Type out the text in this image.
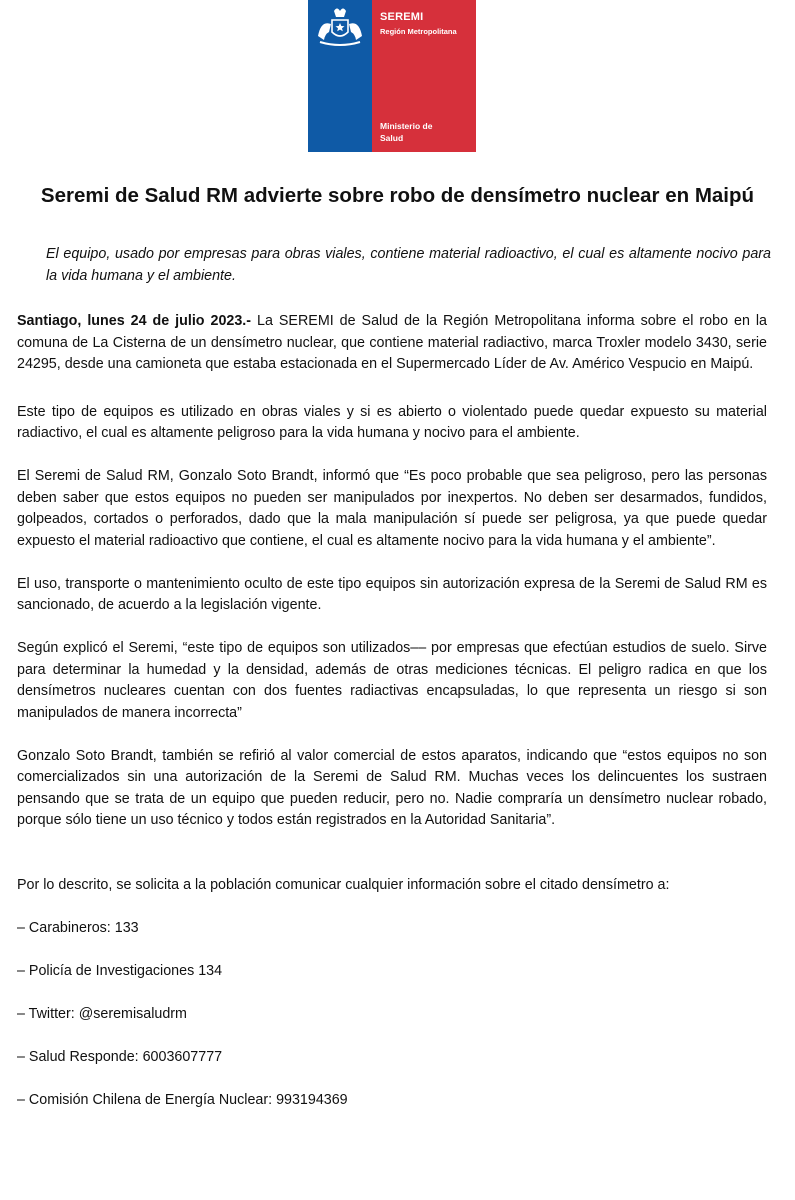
SEREMI
Región Metropolitana
Ministerio de
Salud
Seremi de Salud RM advierte sobre robo de densímetro nuclear en Maipú

El equipo, usado por empresas para obras viales, contiene material radioactivo, el cual es altamente nocivo para la vida humana y el ambiente.

Santiago, lunes 24 de julio 2023.- La SEREMI de Salud de la Región Metropolitana informa sobre el robo en la comuna de La Cisterna de un densímetro nuclear, que contiene material radiactivo, marca Troxler modelo 3430, serie 24295, desde una camioneta que estaba estacionada en el Supermercado Líder de Av. Américo Vespucio en Maipú.

Este tipo de equipos es utilizado en obras viales y si es abierto o violentado puede quedar expuesto su material radiactivo, el cual es altamente peligroso para la vida humana y nocivo para el ambiente.

El Seremi de Salud RM, Gonzalo Soto Brandt, informó que “Es poco probable que sea peligroso, pero las personas deben saber que estos equipos no pueden ser manipulados por inexpertos. No deben ser desarmados, fundidos, golpeados, cortados o perforados, dado que la mala manipulación sí puede ser peligrosa, ya que puede quedar expuesto el material radioactivo que contiene, el cual es altamente nocivo para la vida humana y el ambiente”.

El uso, transporte o mantenimiento oculto de este tipo equipos sin autorización expresa de la Seremi de Salud RM es sancionado, de acuerdo a la legislación vigente.

Según explicó el Seremi, “este tipo de equipos son utilizados–– por empresas que efectúan estudios de suelo. Sirve para determinar la humedad y la densidad, además de otras mediciones técnicas. El peligro radica en que los densímetros nucleares cuentan con dos fuentes radiactivas encapsuladas, lo que representa un riesgo si son manipulados de manera incorrecta”

Gonzalo Soto Brandt, también se refirió al valor comercial de estos aparatos, indicando que “estos equipos no son comercializados sin una autorización de la Seremi de Salud RM. Muchas veces los delincuentes los sustraen pensando que se trata de un equipo que pueden reducir, pero no. Nadie compraría un densímetro nuclear robado, porque sólo tiene un uso técnico y todos están registrados en la Autoridad Sanitaria”.

Por lo descrito, se solicita a la población comunicar cualquier información sobre el citado densímetro a:

– Carabineros: 133
– Policía de Investigaciones 134
– Twitter: @seremisaludrm
– Salud Responde: 6003607777
– Comisión Chilena de Energía Nuclear: 993194369
